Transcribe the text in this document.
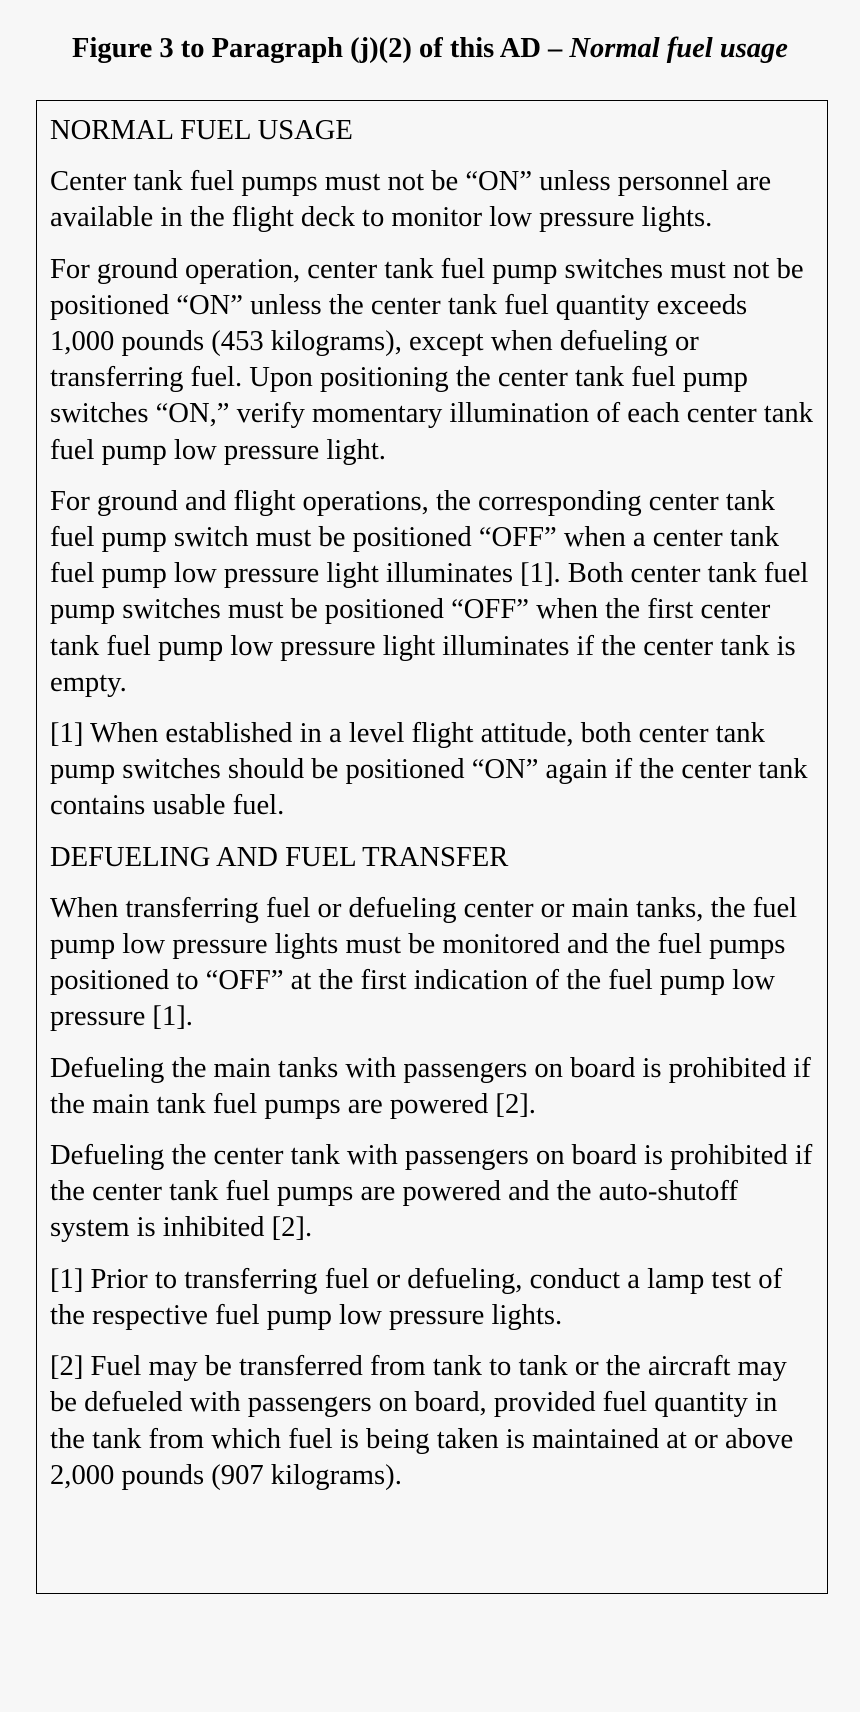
Figure 3 to Paragraph (j)(2) of this AD – Normal fuel usage

NORMAL FUEL USAGE

Center tank fuel pumps must not be “ON” unless personnel are available in the flight deck to monitor low pressure lights.

For ground operation, center tank fuel pump switches must not be positioned “ON” unless the center tank fuel quantity exceeds 1,000 pounds (453 kilograms), except when defueling or transferring fuel. Upon positioning the center tank fuel pump switches “ON,” verify momentary illumination of each center tank fuel pump low pressure light.

For ground and flight operations, the corresponding center tank fuel pump switch must be positioned “OFF” when a center tank fuel pump low pressure light illuminates [1]. Both center tank fuel pump switches must be positioned “OFF” when the first center tank fuel pump low pressure light illuminates if the center tank is empty.

[1] When established in a level flight attitude, both center tank pump switches should be positioned “ON” again if the center tank contains usable fuel.

DEFUELING AND FUEL TRANSFER

When transferring fuel or defueling center or main tanks, the fuel pump low pressure lights must be monitored and the fuel pumps positioned to “OFF” at the first indication of the fuel pump low pressure [1].

Defueling the main tanks with passengers on board is prohibited if the main tank fuel pumps are powered [2].

Defueling the center tank with passengers on board is prohibited if the center tank fuel pumps are powered and the auto-shutoff system is inhibited [2].

[1] Prior to transferring fuel or defueling, conduct a lamp test of the respective fuel pump low pressure lights.

[2] Fuel may be transferred from tank to tank or the aircraft may be defueled with passengers on board, provided fuel quantity in the tank from which fuel is being taken is maintained at or above 2,000 pounds (907 kilograms).
